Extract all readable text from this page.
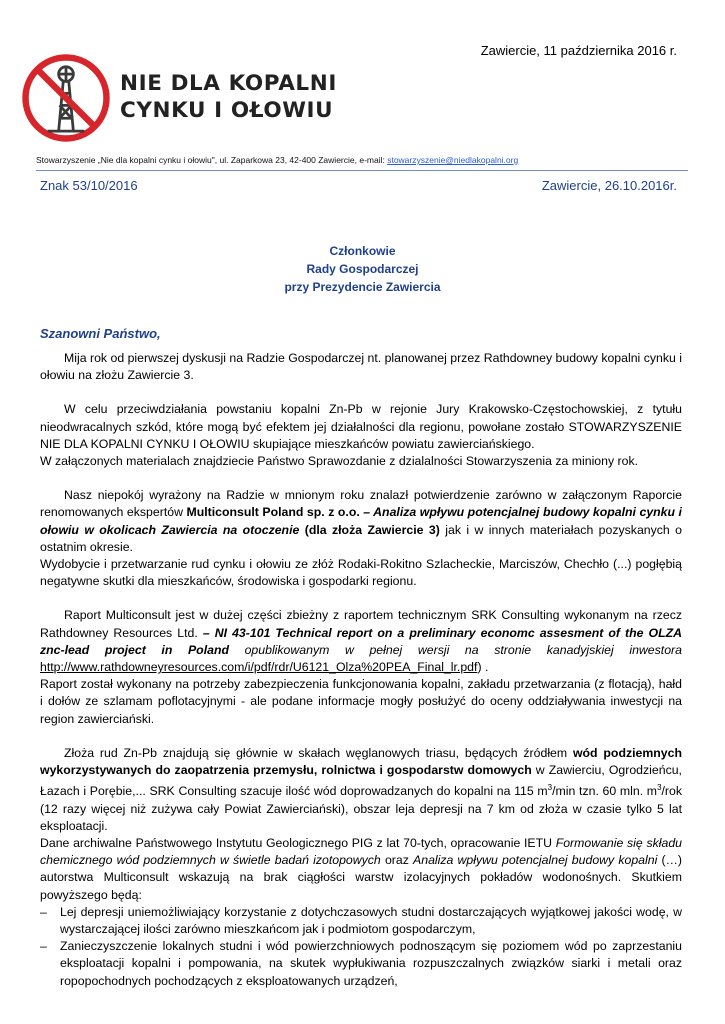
Zawiercie, 11 października 2016 r.
NIE DLA KOPALNI
CYNKU I OŁOWIU
Stowarzyszenie „Nie dla kopalni cynku i ołowiu", ul. Zaparkowa 23, 42-400 Zawiercie, e-mail: stowarzyszenie@niedlakopalni.org
Znak 53/10/2016	Zawiercie, 26.10.2016r.
Członkowie
Rady Gospodarczej
przy Prezydencie Zawiercia
Szanowni Państwo,

Mija rok od pierwszej dyskusji na Radzie Gospodarczej nt. planowanej przez Rathdowney budowy kopalni cynku i ołowiu na złożu Zawiercie 3.

W celu przeciwdziałania powstaniu kopalni Zn-Pb w rejonie Jury Krakowsko-Częstochowskiej, z tytułu nieodwracalnych szkód, które mogą być efektem jej działalności dla regionu, powołane zostało STOWARZYSZENIE NIE DLA KOPALNI CYNKU I OŁOWIU skupiające mieszkańców powiatu zawierciańskiego.

W załączonych materialach znajdziecie Państwo Sprawozdanie z dzialalności Stowarzyszenia za miniony rok.

Nasz niepokój wyrażony na Radzie w mnionym roku znalazł potwierdzenie zarówno w załączonym Raporcie renomowanych ekspertów Multiconsult Poland sp. z o.o. – Analiza wpływu potencjalnej budowy kopalni cynku i ołowiu w okolicach Zawiercia na otoczenie (dla złoża Zawiercie 3) jak i w innych materiałach pozyskanych o ostatnim okresie.

Wydobycie i przetwarzanie rud cynku i ołowiu ze złóż Rodaki-Rokitno Szlacheckie, Marciszów, Chechło (...) pogłębią negatywne skutki dla mieszkańców, środowiska i gospodarki regionu.

Raport Multiconsult jest w dużej części zbieżny z raportem technicznym SRK Consulting wykonanym na rzecz Rathdowney Resources Ltd. – NI 43-101 Technical report on a preliminary economc assesment of the OLZA znc-lead project in Poland opublikowanym w pełnej wersji na stronie kanadyjskiej inwestora http://www.rathdowneyresources.com/i/pdf/rdr/U6121_Olza%20PEA_Final_lr.pdf) .

Raport został wykonany na potrzeby zabezpieczenia funkcjonowania kopalni, zakładu przetwarzania (z flotacją), hałd i dołów ze szlamam poflotacyjnymi - ale podane informacje mogły posłużyć do oceny oddziaływania inwestycji na region zawierciański.

Złoża rud Zn-Pb znajdują się głównie w skałach węglanowych triasu, będących źródłem wód podziemnych wykorzystywanych do zaopatrzenia przemysłu, rolnictwa i gospodarstw domowych w Zawierciu, Ogrodzieńcu, Łazach i Porębie,... SRK Consulting szacuje ilość wód doprowadzanych do kopalni na 115 $m^3/\min$ tzn. 60 mln. $m^3$/rok (12 razy więcej niż zużywa cały Powiat Zawierciański), obszar leja depresji na 7 km od złoża w czasie tylko 5 lat eksploatacji.

Dane archiwalne Państwowego Instytutu Geologicznego PIG z lat 70-tych, opracowanie IETU Formowanie się składu chemicznego wód podziemnych w świetle badań izotopowych oraz Analiza wpływu potencjalnej budowy kopalni (…) autorstwa Multiconsult wskazują na brak ciągłości warstw izolacyjnych pokładów wodonośnych. Skutkiem powyższego będą:

– Lej depresji uniemożliwiający korzystanie z dotychczasowych studni dostarczających wyjątkowej jakości wodę, w wystarczającej ilości zarówno mieszkańcom jak i podmiotom gospodarczym,
– Zanieczyszczenie lokalnych studni i wód powierzchniowych podnoszącym się poziomem wód po zaprzestaniu eksploatacji kopalni i pompowania, na skutek wypłukiwania rozpuszczalnych związków siarki i metali oraz ropopochodnych pochodzących z eksploatowanych urządzeń,
